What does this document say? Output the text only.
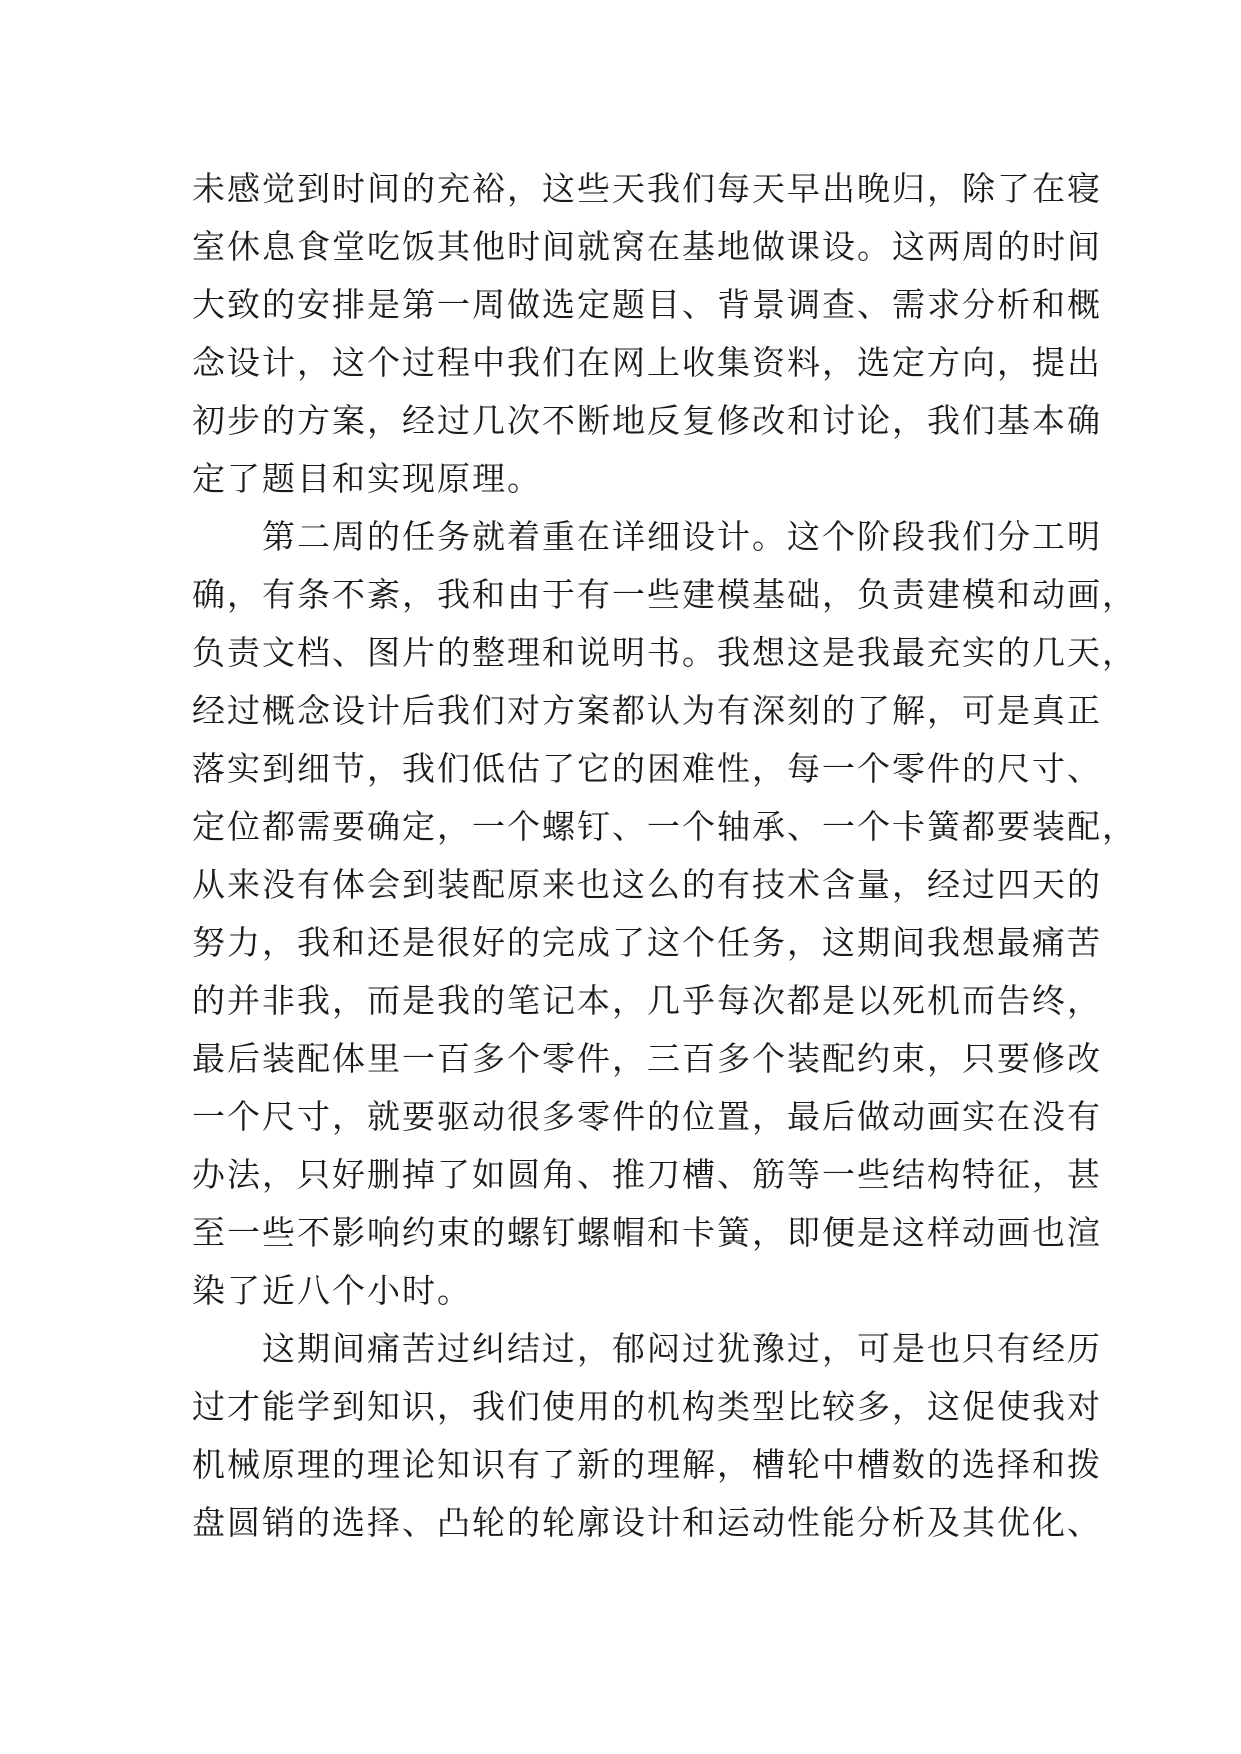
未感觉到时间的充裕，这些天我们每天早出晚归，除了在寝
室休息食堂吃饭其他时间就窝在基地做课设。这两周的时间
大致的安排是第一周做选定题目、背景调查、需求分析和概
念设计，这个过程中我们在网上收集资料，选定方向，提出
初步的方案，经过几次不断地反复修改和讨论，我们基本确
定了题目和实现原理。
　　第二周的任务就着重在详细设计。这个阶段我们分工明
确，有条不紊，我和由于有一些建模基础，负责建模和动画，
负责文档、图片的整理和说明书。我想这是我最充实的几天，
经过概念设计后我们对方案都认为有深刻的了解，可是真正
落实到细节，我们低估了它的困难性，每一个零件的尺寸、
定位都需要确定，一个螺钉、一个轴承、一个卡簧都要装配，
从来没有体会到装配原来也这么的有技术含量，经过四天的
努力，我和还是很好的完成了这个任务，这期间我想最痛苦
的并非我，而是我的笔记本，几乎每次都是以死机而告终，
最后装配体里一百多个零件，三百多个装配约束，只要修改
一个尺寸，就要驱动很多零件的位置，最后做动画实在没有
办法，只好删掉了如圆角、推刀槽、筋等一些结构特征，甚
至一些不影响约束的螺钉螺帽和卡簧，即便是这样动画也渲
染了近八个小时。
　　这期间痛苦过纠结过，郁闷过犹豫过，可是也只有经历
过才能学到知识，我们使用的机构类型比较多，这促使我对
机械原理的理论知识有了新的理解，槽轮中槽数的选择和拨
盘圆销的选择、凸轮的轮廓设计和运动性能分析及其优化、
